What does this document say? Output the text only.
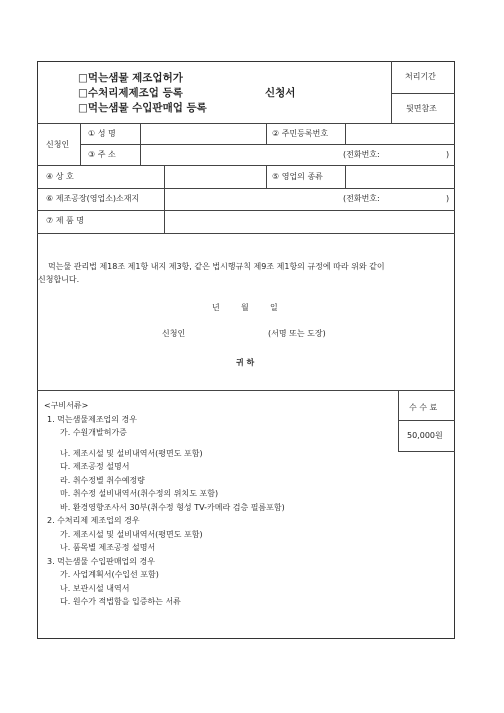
□먹는샘물 제조업허가
□수처리제제조업 등록
□먹는샘물 수입판매업 등록
신청서
처리기간
뒷면참조
신청인
① 성 명	② 주민등록번호
③ 주 소	(전화번호:	)
④ 상 호	⑤ 영업의 종류
⑥ 제조공장(영업소)소재지	(전화번호:	)
⑦ 제 품 명
먹는물 관리법 제18조 제1항 내지 제3항, 같은 법시행규칙 제9조 제1항의 규정에 따라 위와 같이
신청합니다.
년	월	일
신청인	(서명 또는 도장)
귀 하
<구비서류>
1. 먹는샘물제조업의 경우
가. 수원개발허가증
나. 제조시설 및 설비내역서(평면도 포함)
다. 제조공정 설명서
라. 취수정별 취수예정량
마. 취수정 설비내역서(취수정의 위치도 포함)
바. 환경영향조사서 30부(취수정 형성 TV-카메라 검층 필름포함)
2. 수처리제 제조업의 경우
가. 제조시설 및 설비내역서(평면도 포함)
나. 품목별 제조공정 설명서
3. 먹는샘물 수입판매업의 경우
가. 사업계획서(수입선 포함)
나. 보관시설 내역서
다. 원수가 적법함을 입증하는 서류
수 수 료
50,000원
